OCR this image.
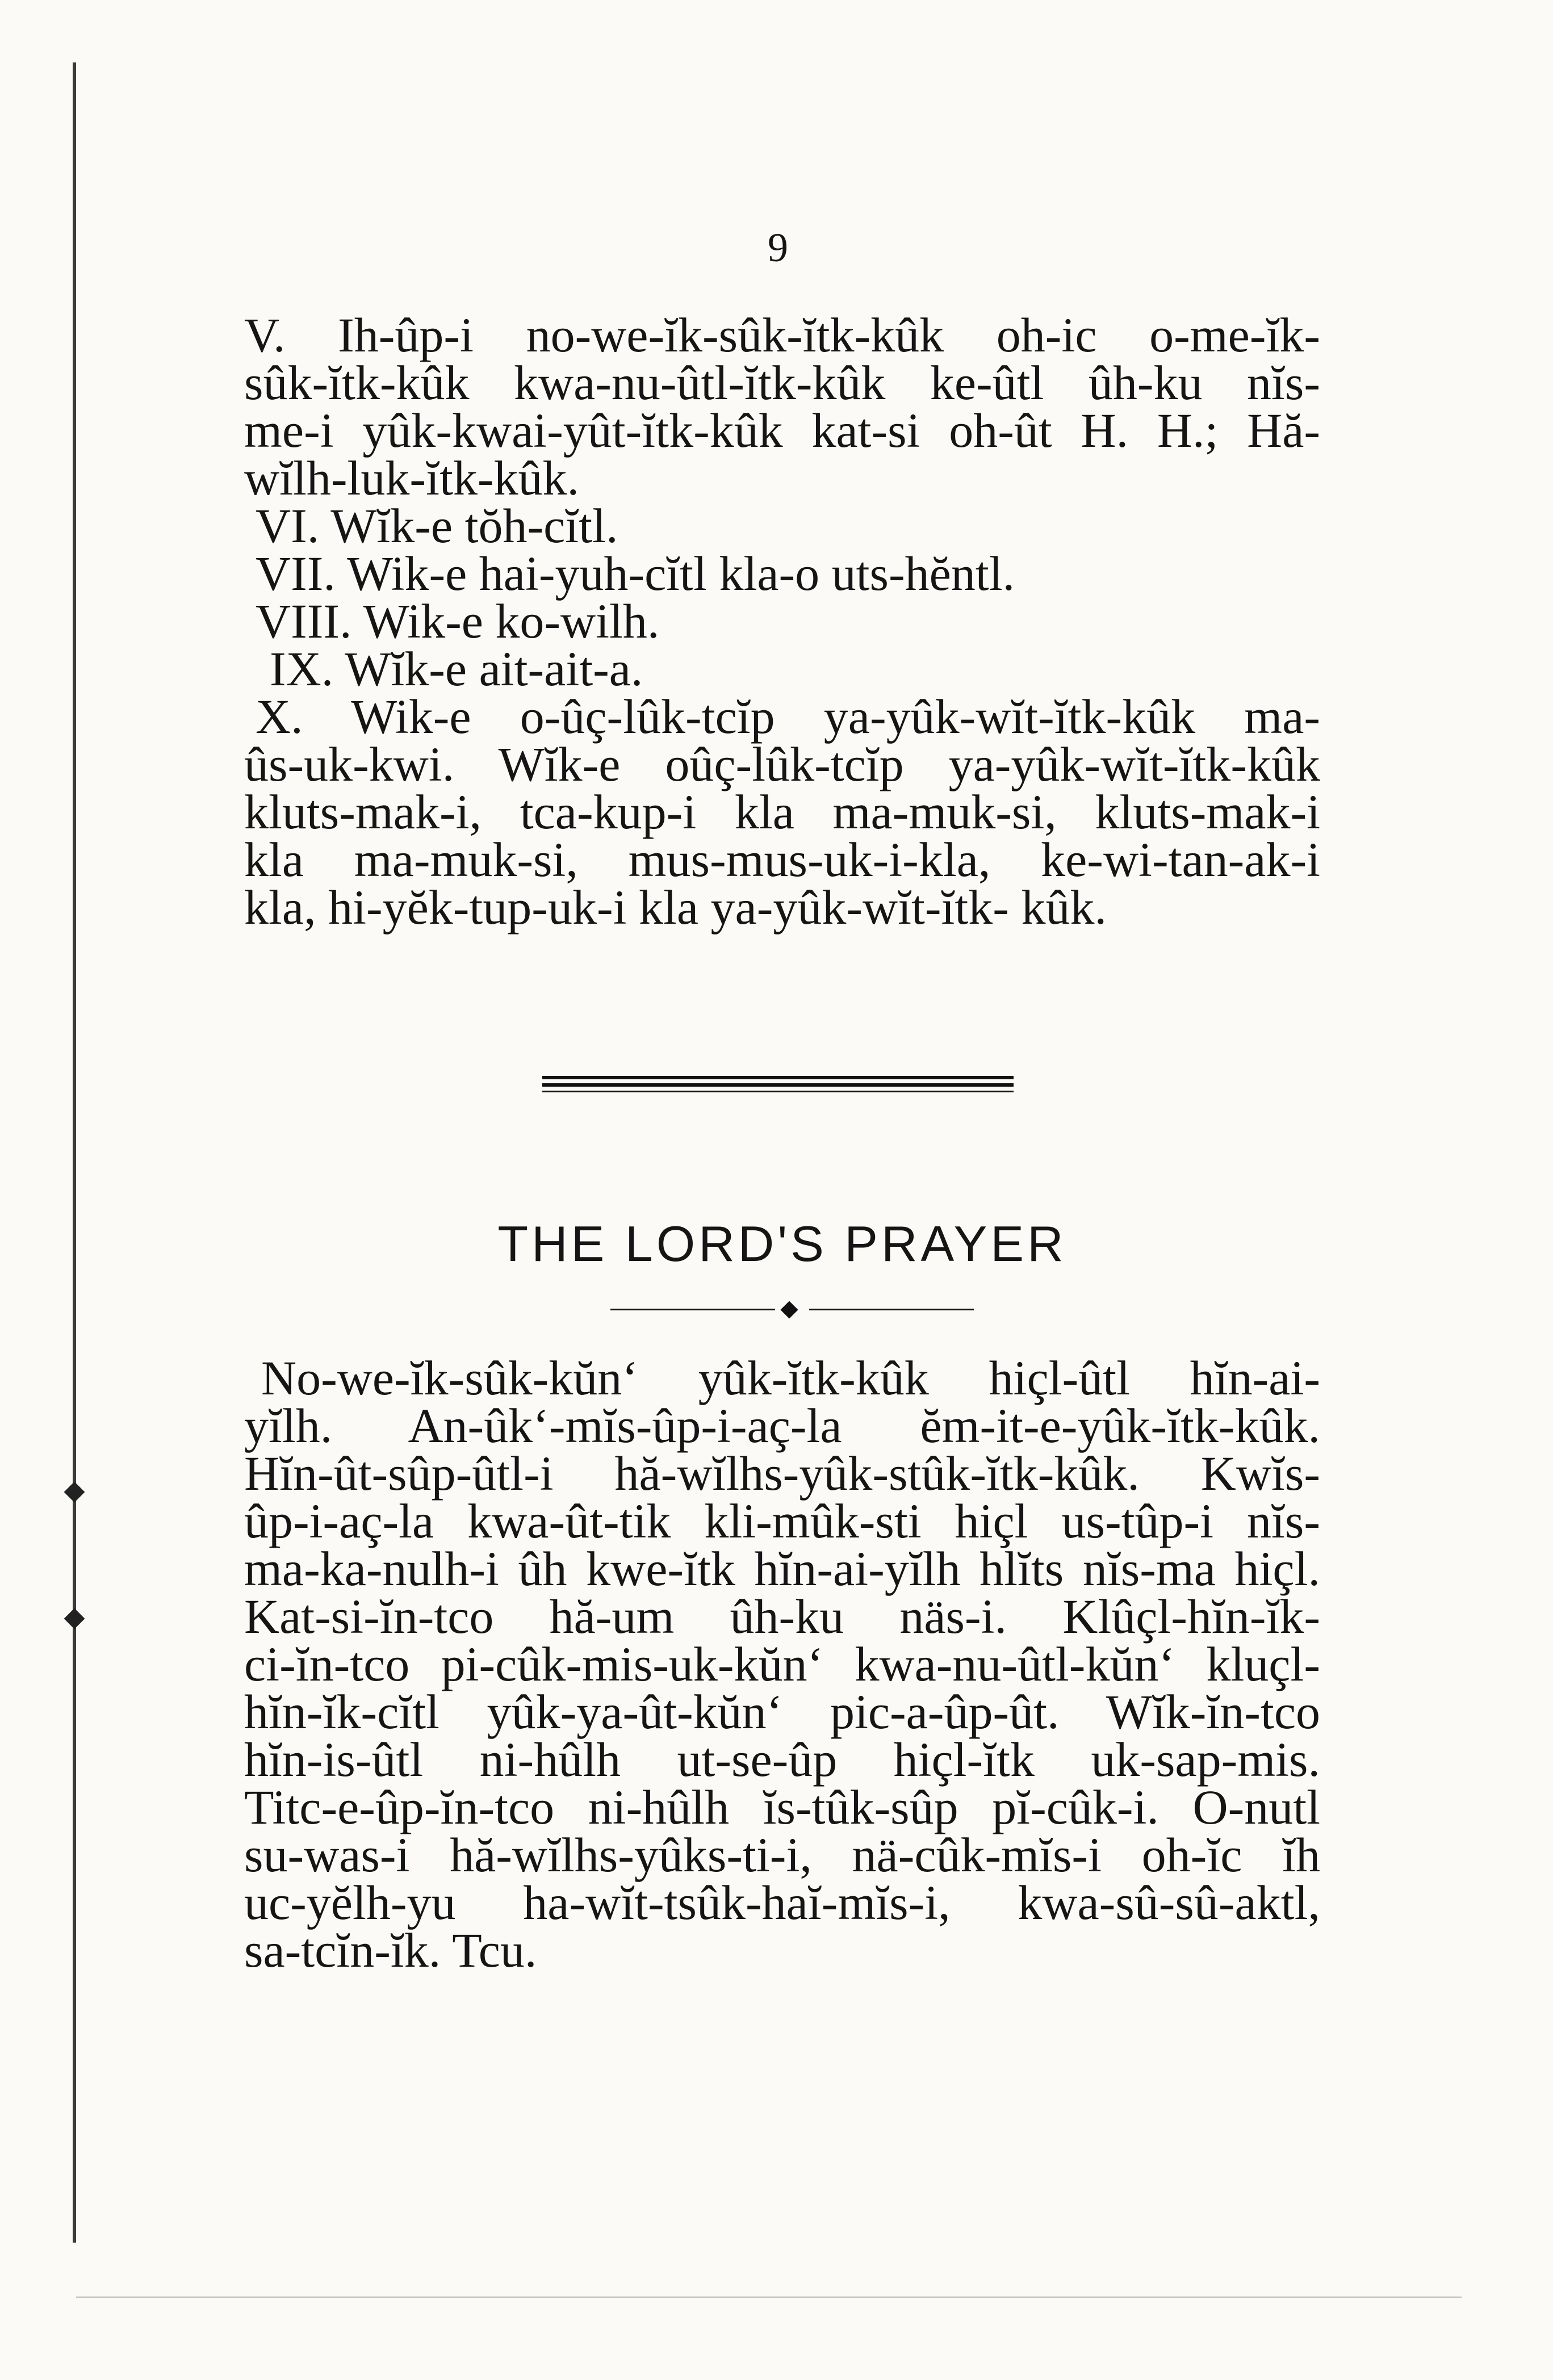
9
V. Ih-ûp-i no-we-ĭk-sûk-ĭtk-kûk oh-ic o-me-ĭk-
sûk-ĭtk-kûk kwa-nu-ûtl-ĭtk-kûk ke-ûtl ûh-ku nĭs-
me-i yûk-kwai-yût-ĭtk-kûk kat-si oh-ût H. H.; Hă-
wĭlh-luk-ĭtk-kûk.
VI. Wĭk-e tŏh-cĭtl.
VII. Wik-e hai-yuh-cĭtl kla-o uts-hĕntl.
VIII. Wik-e ko-wilh.
IX. Wĭk-e ait-ait-a.
X. Wik-e o-ûç-lûk-tcĭp ya-yûk-wĭt-ĭtk-kûk ma-
ûs-uk-kwi. Wĭk-e oûç-lûk-tcĭp ya-yûk-wĭt-ĭtk-kûk
kluts-mak-i, tca-kup-i kla ma-muk-si, kluts-mak-i
kla ma-muk-si, mus-mus-uk-i-kla, ke-wi-tan-ak-i
kla, hi-yĕk-tup-uk-i kla ya-yûk-wĭt-ĭtk- kûk.
THE LORD'S PRAYER
No-we-ĭk-sûk-kŭn‘ yûk-ĭtk-kûk hiçl-ûtl hĭn-ai-
yĭlh. An-ûk‘-mĭs-ûp-i-aç-la ĕm-it-e-yûk-ĭtk-kûk.
Hĭn-ût-sûp-ûtl-i hă-wĭlhs-yûk-stûk-ĭtk-kûk. Kwĭs-
ûp-i-aç-la kwa-ût-tik kli-mûk-sti hiçl us-tûp-i nĭs-
ma-ka-nulh-i ûh kwe-ĭtk hĭn-ai-yĭlh hlĭts nĭs-ma hiçl.
Kat-si-ĭn-tco hă-um ûh-ku näs-i. Klûçl-hĭn-ĭk-
ci-ĭn-tco pi-cûk-mis-uk-kŭn‘ kwa-nu-ûtl-kŭn‘ kluçl-
hĭn-ĭk-cĭtl yûk-ya-ût-kŭn‘ pic-a-ûp-ût. Wĭk-ĭn-tco
hĭn-is-ûtl ni-hûlh ut-se-ûp hiçl-ĭtk uk-sap-mis.
Titc-e-ûp-ĭn-tco ni-hûlh ĭs-tûk-sûp pĭ-cûk-i. O-nutl
su-was-i hă-wĭlhs-yûks-ti-i, nä-cûk-mĭs-i oh-ĭc ĭh
uc-yĕlh-yu ha-wĭt-tsûk-haĭ-mĭs-i, kwa-sû-sû-aktl,
sa-tcĭn-ĭk. Tcu.
